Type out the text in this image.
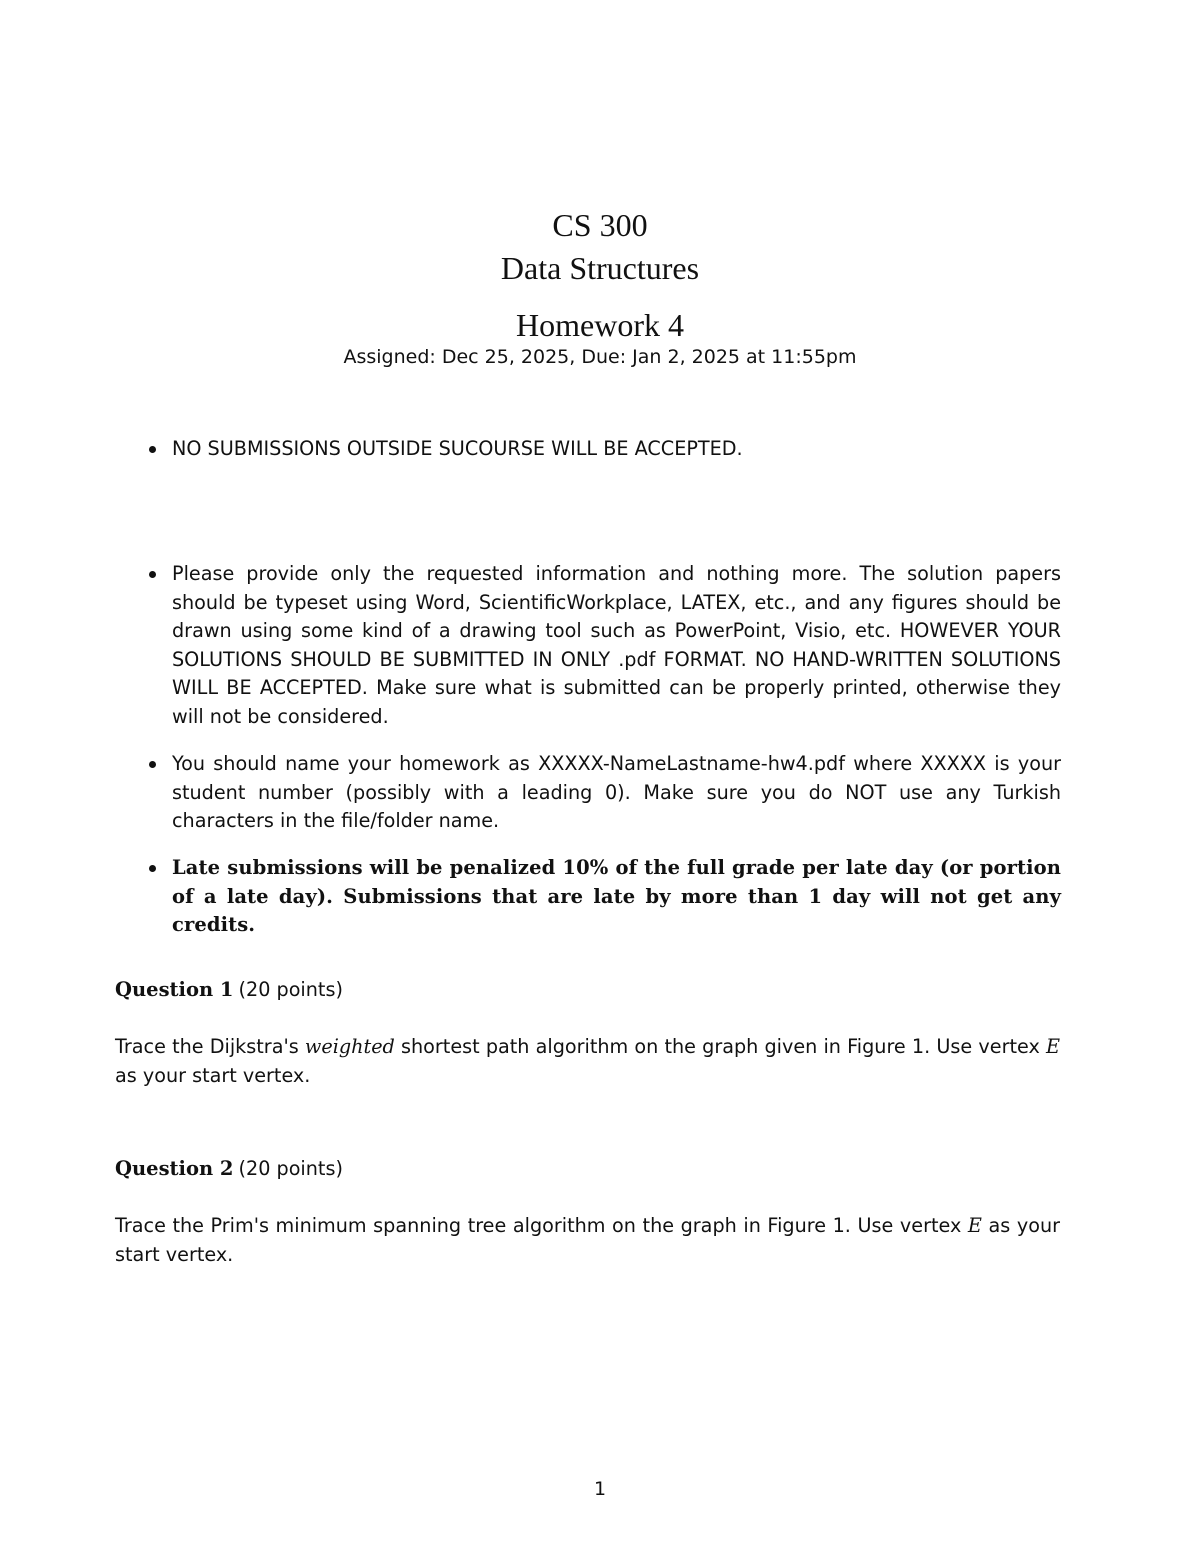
CS 300
Data Structures
Homework 4
Assigned: Dec 25, 2025, Due: Jan 2, 2025 at 11:55pm
NO SUBMISSIONS OUTSIDE SUCOURSE WILL BE ACCEPTED.
Please provide only the requested information and nothing more. The solution papers should be typeset using Word, ScientificWorkplace, LATEX, etc., and any figures should be drawn using some kind of a drawing tool such as PowerPoint, Visio, etc. HOWEVER YOUR SOLUTIONS SHOULD BE SUBMITTED IN ONLY .pdf FORMAT. NO HAND-WRITTEN SOLUTIONS WILL BE ACCEPTED. Make sure what is submitted can be properly printed, otherwise they will not be considered.
You should name your homework as XXXXX-NameLastname-hw4.pdf where XXXXX is your student number (possibly with a leading 0). Make sure you do NOT use any Turkish characters in the file/folder name.
Late submissions will be penalized 10% of the full grade per late day (or portion of a late day). Submissions that are late by more than 1 day will not get any credits.
Question 1 (20 points)

Trace the Dijkstra's weighted shortest path algorithm on the graph given in Figure 1. Use vertex E as your start vertex.

Question 2 (20 points)

Trace the Prim's minimum spanning tree algorithm on the graph in Figure 1. Use vertex E as your start vertex.

1
